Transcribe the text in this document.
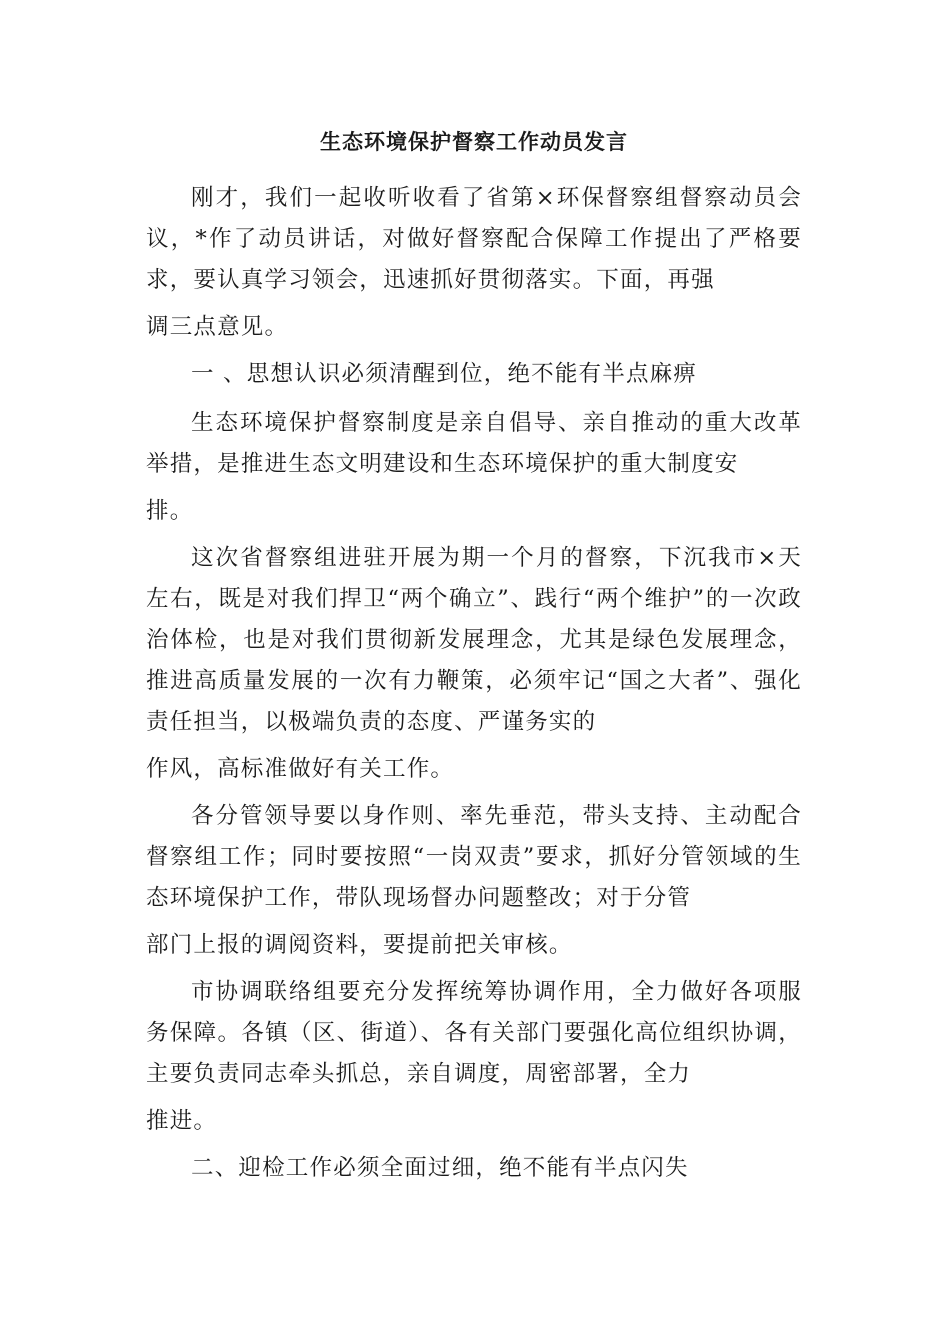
生态环境保护督察工作动员发言

刚才，我们一起收听收看了省第×环保督察组督察动员会议，*作了动员讲话，对做好督察配合保障工作提出了严格要求，要认真学习领会，迅速抓好贯彻落实。下面，再强
调三点意见。

一 、思想认识必须清醒到位，绝不能有半点麻痹

生态环境保护督察制度是亲自倡导、亲自推动的重大改革举措，是推进生态文明建设和生态环境保护的重大制度安
排。

这次省督察组进驻开展为期一个月的督察，下沉我市×天左右，既是对我们捍卫“两个确立”、践行“两个维护”的一次政治体检，也是对我们贯彻新发展理念，尤其是绿色发展理念，推进高质量发展的一次有力鞭策，必须牢记“国之大者”、强化责任担当，以极端负责的态度、严谨务实的
作风，高标准做好有关工作。

各分管领导要以身作则、率先垂范，带头支持、主动配合督察组工作；同时要按照“一岗双责”要求，抓好分管领域的生态环境保护工作，带队现场督办问题整改；对于分管
部门上报的调阅资料，要提前把关审核。

市协调联络组要充分发挥统筹协调作用，全力做好各项服务保障。各镇（区、街道）、各有关部门要强化高位组织协调，主要负责同志牵头抓总，亲自调度，周密部署，全力
推进。

二、迎检工作必须全面过细，绝不能有半点闪失
